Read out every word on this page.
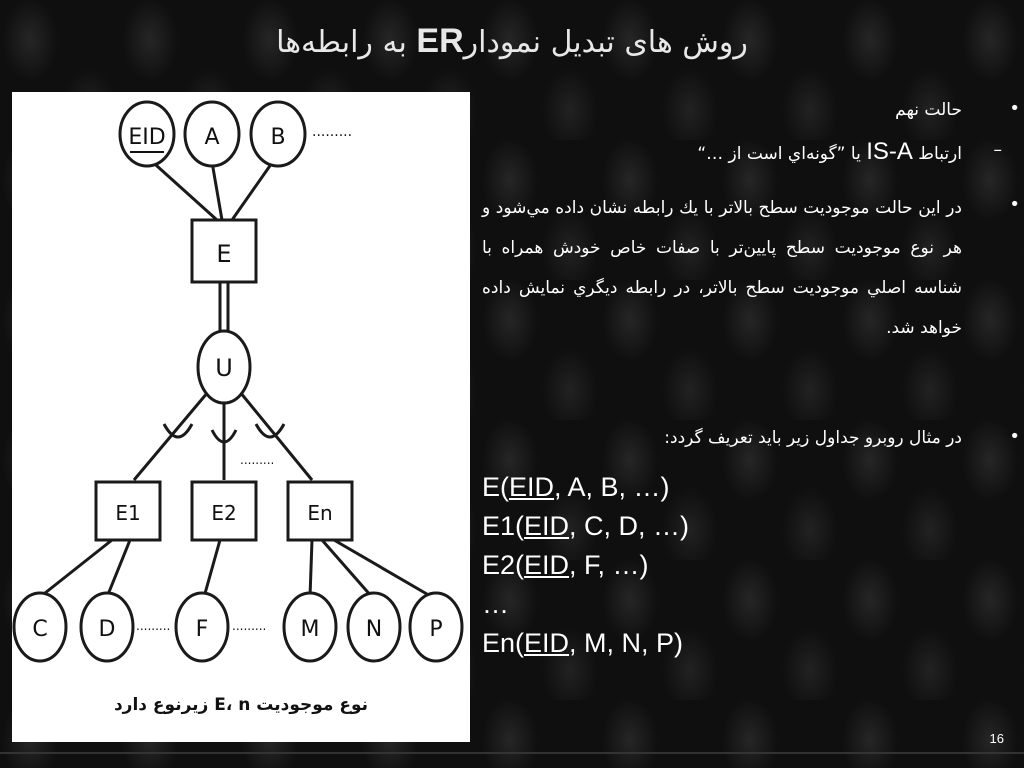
روش های تبدیل نمودارER به رابطه‌ها
EID A B .........
E
U
.........
E1	E2	En
C D	F	M N P
.........	.........
نوع موجوديت E، n زيرنوع دارد
•
حالت نهم
ارتباط IS-A یا ”گونه‌اي است از …“	–
•
در اين حالت موجوديت سطح بالاتر با يك رابطه نشان داده مي‌شود و هر نوع موجوديت سطح پايين‌تر با صفات خاص خودش همراه با شناسه اصلي موجوديت سطح بالاتر، در رابطه ديگري نمايش داده خواهد شد.
•
در مثال روبرو جداول زير بايد تعريف گردد:
E(EID, A, B, …)
E1(EID, C, D, …)
E2(EID, F, …)
…
En(EID, M, N, P)
16
